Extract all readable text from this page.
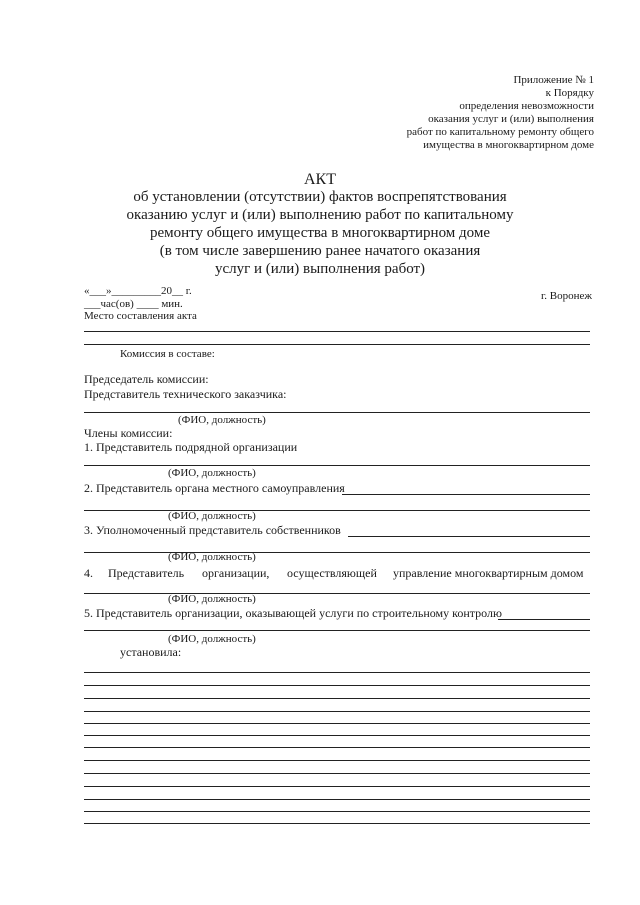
Приложение № 1
к Порядку
определения невозможности
оказания услуг и (или) выполнения
работ по капитальному ремонту общего
имущества в многоквартирном доме
АКТ
об установлении (отсутствии) фактов воспрепятствования
оказанию услуг и (или) выполнению работ по капитальному
ремонту общего имущества в многоквартирном доме
(в том числе завершению ранее начатого оказания
услуг и (или) выполнения работ)
«___»_________20__ г.
___час(ов) ____ мин.
г. Воронеж
Место составления акта
Комиссия в составе:
Председатель комиссии:
Представитель технического заказчика:
(ФИО, должность)
Члены комиссии:
1. Представитель подрядной организации
(ФИО, должность)
2. Представитель органа местного самоуправления
(ФИО, должность)
3. Уполномоченный представитель собственников
(ФИО, должность)
4. Представитель организации, осуществляющей управление многоквартирным домом
(ФИО, должность)
5. Представитель организации, оказывающей услуги по строительному контролю
(ФИО, должность)
установила:
